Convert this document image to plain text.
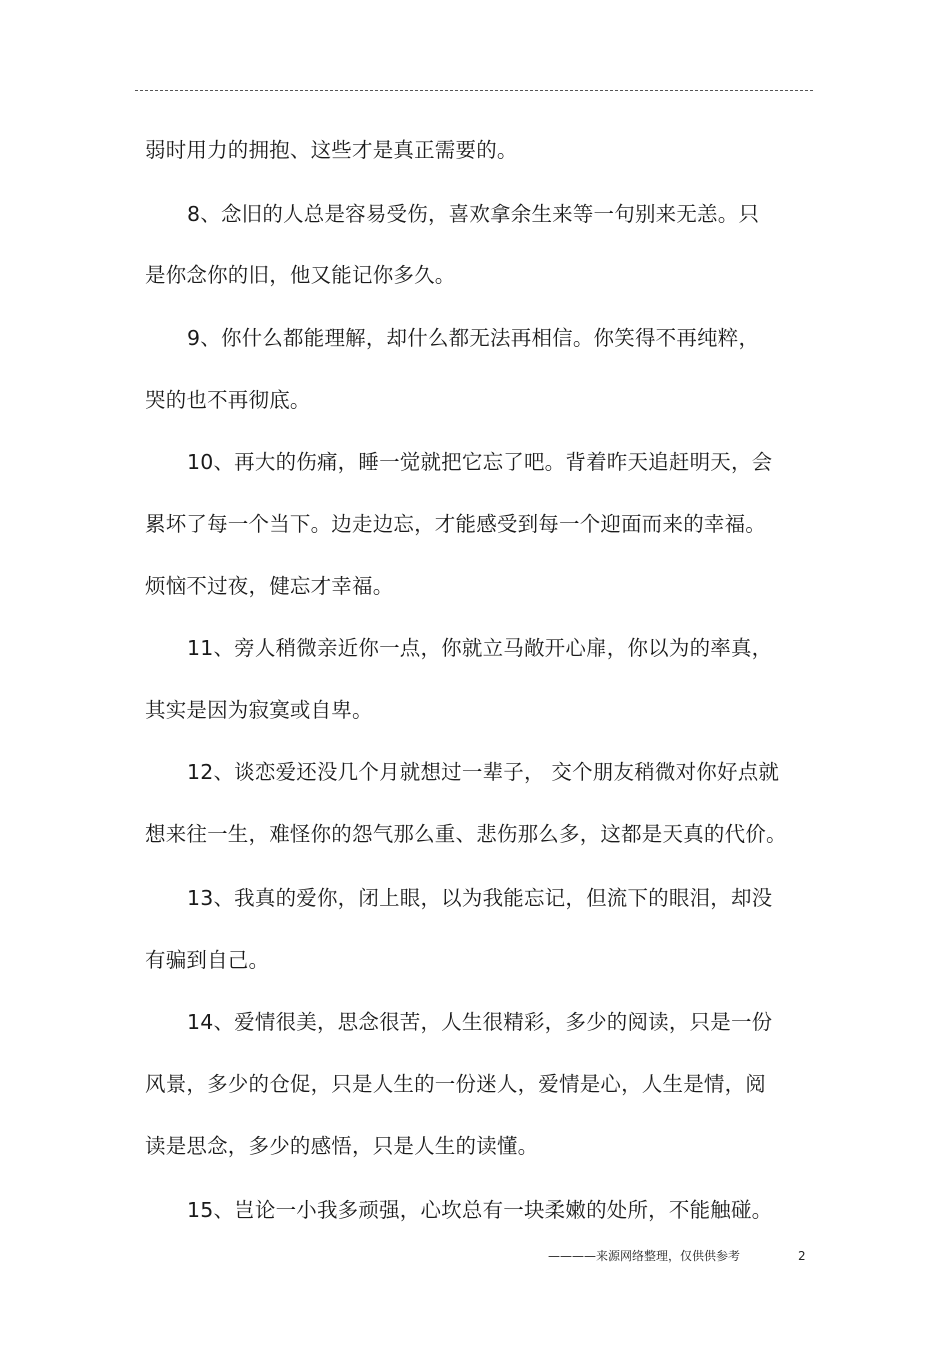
弱时用力的拥抱、这些才是真正需要的。
8、念旧的人总是容易受伤，喜欢拿余生来等一句别来无恙。只
是你念你的旧，他又能记你多久。
9、你什么都能理解，却什么都无法再相信。你笑得不再纯粹，
哭的也不再彻底。
10、再大的伤痛，睡一觉就把它忘了吧。背着昨天追赶明天，会
累坏了每一个当下。边走边忘，才能感受到每一个迎面而来的幸福。
烦恼不过夜，健忘才幸福。
11、旁人稍微亲近你一点，你就立马敞开心扉，你以为的率真，
其实是因为寂寞或自卑。
12、谈恋爱还没几个月就想过一辈子， 交个朋友稍微对你好点就
想来往一生，难怪你的怨气那么重、悲伤那么多，这都是天真的代价。
13、我真的爱你，闭上眼，以为我能忘记，但流下的眼泪，却没
有骗到自己。
14、爱情很美，思念很苦，人生很精彩，多少的阅读，只是一份
风景，多少的仓促，只是人生的一份迷人，爱情是心，人生是情，阅
读是思念，多少的感悟，只是人生的读懂。
15、岂论一小我多顽强，心坎总有一块柔嫩的处所，不能触碰。
————来源网络整理，仅供供参考	2
